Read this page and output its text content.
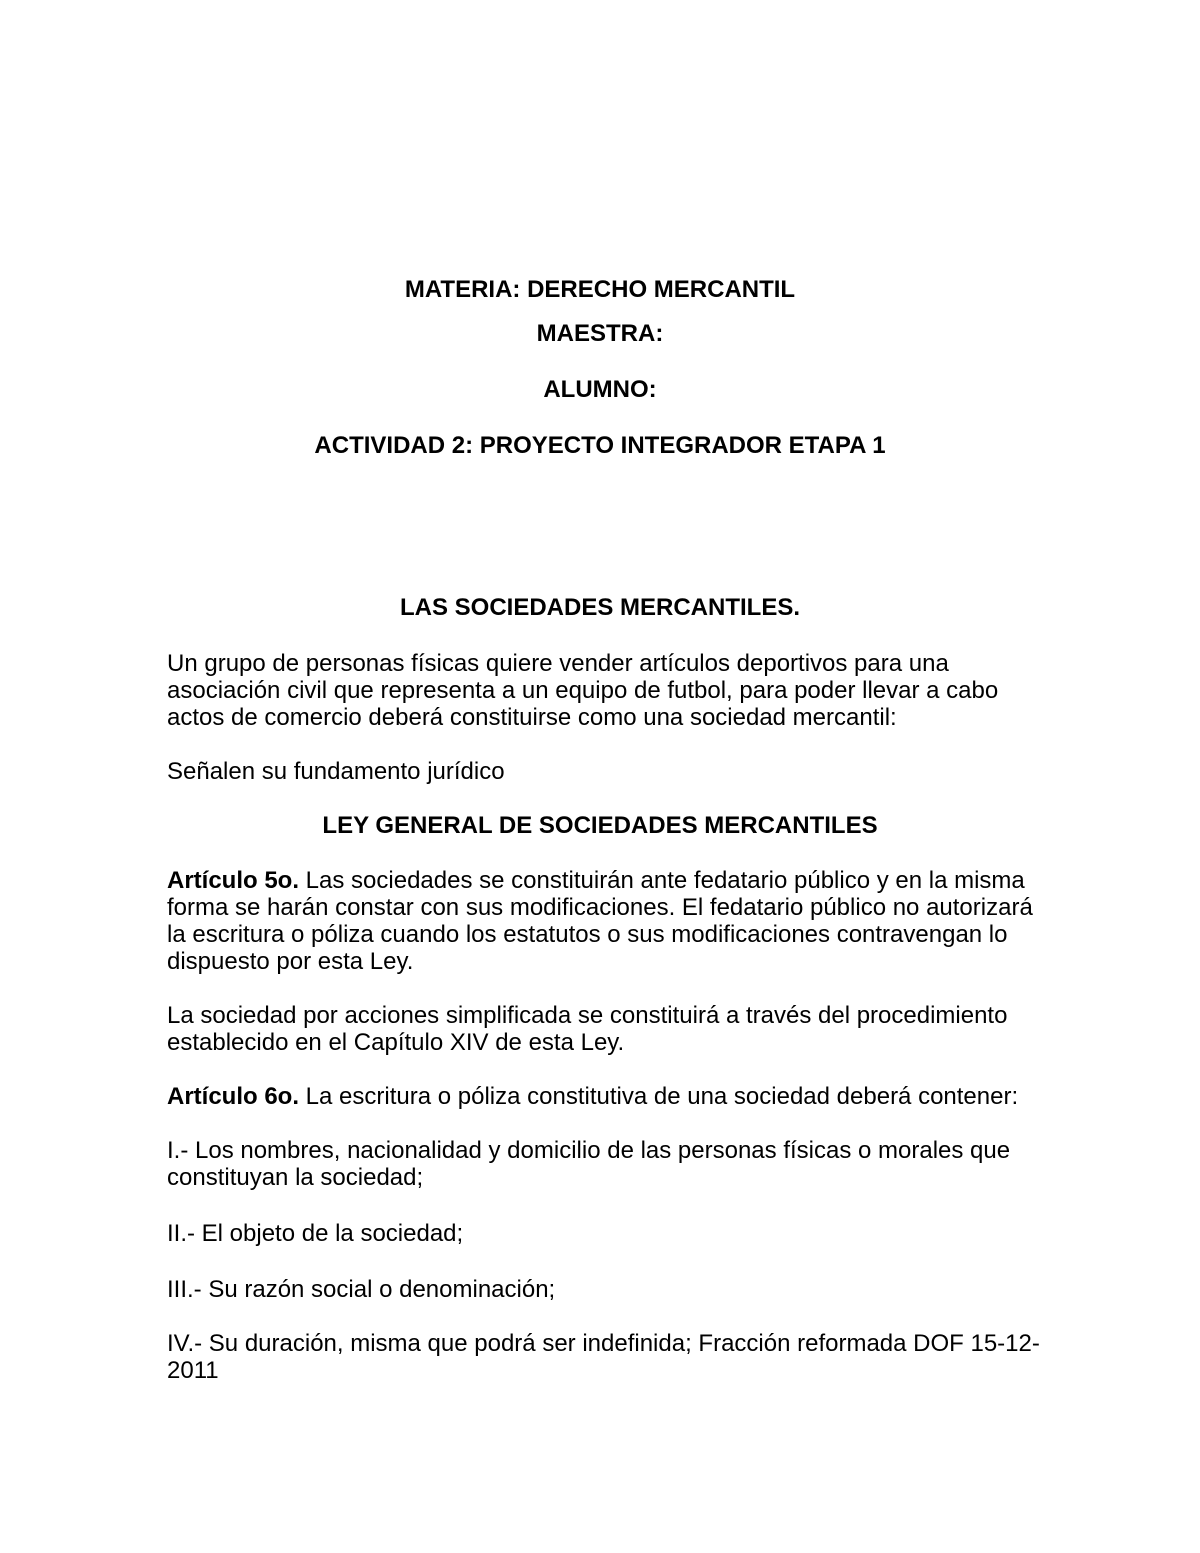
MATERIA: DERECHO MERCANTIL

MAESTRA:

ALUMNO:

ACTIVIDAD 2: PROYECTO INTEGRADOR ETAPA 1

LAS SOCIEDADES MERCANTILES.

Un grupo de personas físicas quiere vender artículos deportivos para una

asociación civil que representa a un equipo de futbol, para poder llevar a cabo

actos de comercio deberá constituirse como una sociedad mercantil:

Señalen su fundamento jurídico

LEY GENERAL DE SOCIEDADES MERCANTILES

Artículo 5o. Las sociedades se constituirán ante fedatario público y en la misma

forma se harán constar con sus modificaciones. El fedatario público no autorizará

la escritura o póliza cuando los estatutos o sus modificaciones contravengan lo

dispuesto por esta Ley.

La sociedad por acciones simplificada se constituirá a través del procedimiento

establecido en el Capítulo XIV de esta Ley.

Artículo 6o. La escritura o póliza constitutiva de una sociedad deberá contener:

I.- Los nombres, nacionalidad y domicilio de las personas físicas o morales que

constituyan la sociedad;

II.- El objeto de la sociedad;

III.- Su razón social o denominación;

IV.- Su duración, misma que podrá ser indefinida; Fracción reformada DOF 15-12-

2011
